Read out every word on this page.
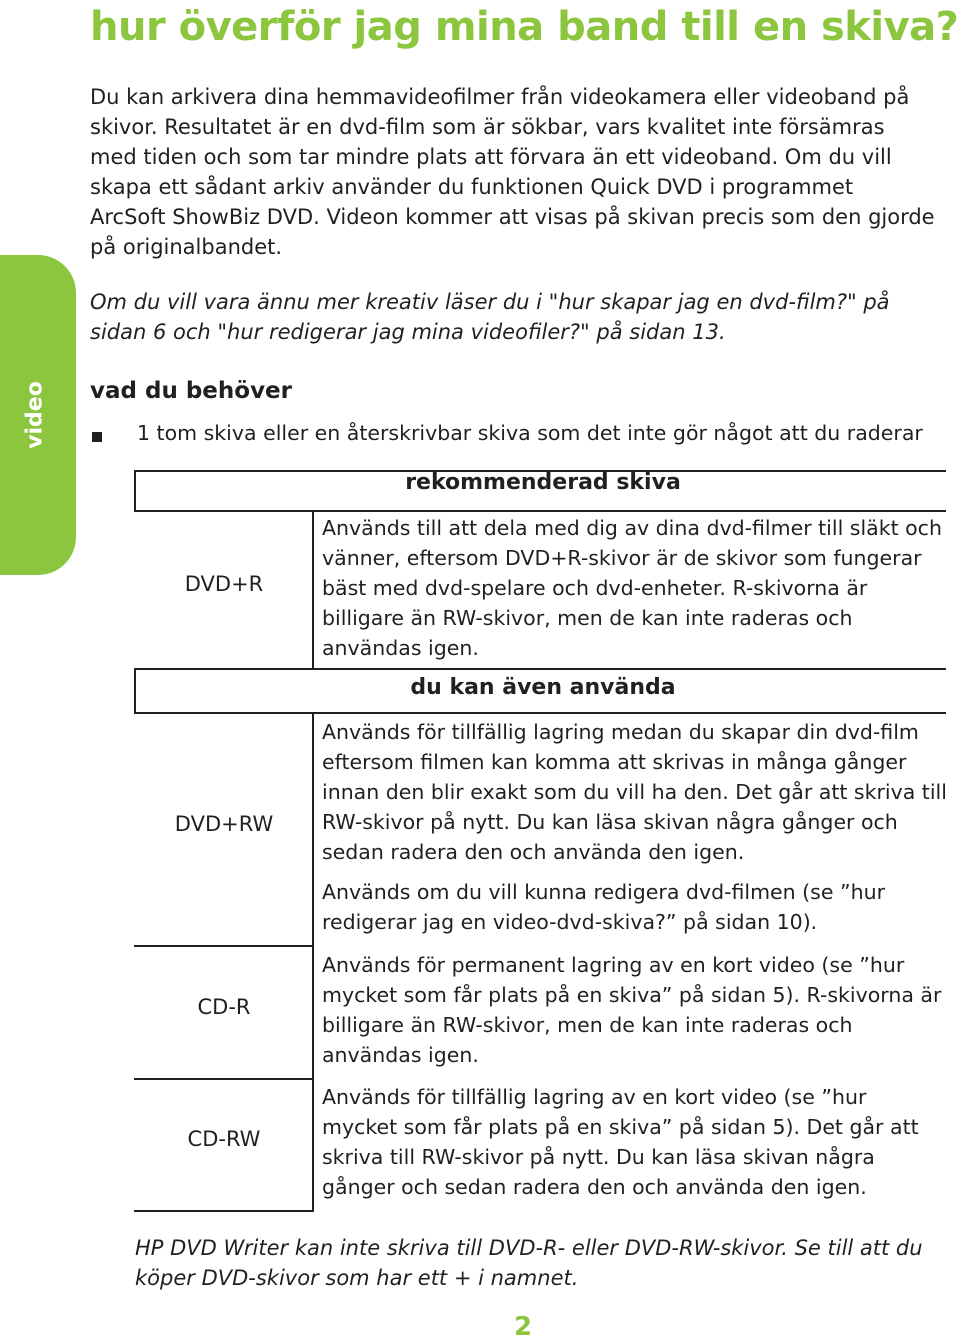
hur överför jag mina band till en skiva?

Du kan arkivera dina hemmavideofilmer från videokamera eller videoband på skivor. Resultatet är en dvd-film som är sökbar, vars kvalitet inte försämras med tiden och som tar mindre plats att förvara än ett videoband. Om du vill skapa ett sådant arkiv använder du funktionen Quick DVD i programmet ArcSoft ShowBiz DVD. Videon kommer att visas på skivan precis som den gjorde på originalbandet.

Om du vill vara ännu mer kreativ läser du i "hur skapar jag en dvd-film?" på sidan 6 och "hur redigerar jag mina videofiler?" på sidan 13.

video vad du behöver
1 tom skiva eller en återskrivbar skiva som det inte gör något att du raderar
rekommenderad skiva
du kan även använda
DVD+R

Används till att dela med dig av dina dvd-filmer till släkt och vänner, eftersom DVD+R-skivor är de skivor som fungerar bäst med dvd-spelare och dvd-enheter. R-skivorna är billigare än RW-skivor, men de kan inte raderas och användas igen.

DVD+RW

Används för tillfällig lagring medan du skapar din dvd-film eftersom filmen kan komma att skrivas in många gånger innan den blir exakt som du vill ha den. Det går att skriva till RW-skivor på nytt. Du kan läsa skivan några gånger och sedan radera den och använda den igen.

Används om du vill kunna redigera dvd-filmen (se ”hur redigerar jag en video-dvd-skiva?” på sidan 10).

CD-R

Används för permanent lagring av en kort video (se ”hur mycket som får plats på en skiva” på sidan 5). R-skivorna är billigare än RW-skivor, men de kan inte raderas och användas igen.

CD-RW

Används för tillfällig lagring av en kort video (se ”hur mycket som får plats på en skiva” på sidan 5). Det går att skriva till RW-skivor på nytt. Du kan läsa skivan några gånger och sedan radera den och använda den igen.

HP DVD Writer kan inte skriva till DVD-R- eller DVD-RW-skivor. Se till att du köper DVD-skivor som har ett + i namnet.

2
